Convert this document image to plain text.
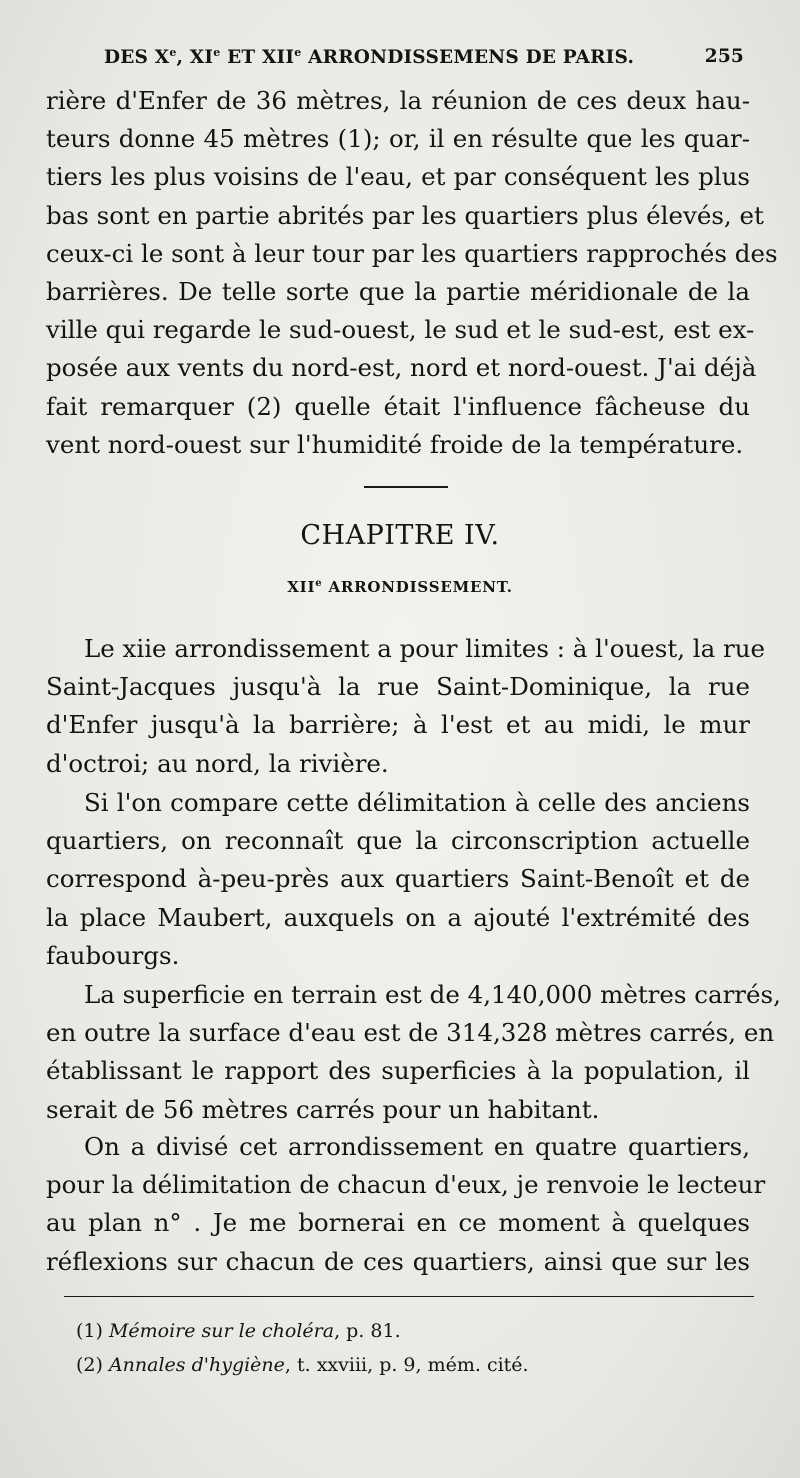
DES Xe, XIe ET XIIe ARRONDISSEMENS DE PARIS.	255
rière d'Enfer de 36 mètres, la réunion de ces deux hau-
teurs donne 45 mètres (1); or, il en résulte que les quar-
tiers les plus voisins de l'eau, et par conséquent les plus
bas sont en partie abrités par les quartiers plus élevés, et
ceux-ci le sont à leur tour par les quartiers rapprochés des
barrières. De telle sorte que la partie méridionale de la
ville qui regarde le sud-ouest, le sud et le sud-est, est ex-
posée aux vents du nord-est, nord et nord-ouest. J'ai déjà
fait remarquer (2) quelle était l'influence fâcheuse du
vent nord-ouest sur l'humidité froide de la température.
CHAPITRE IV.
XIIe ARRONDISSEMENT.
Le xiie arrondissement a pour limites : à l'ouest, la rue
Saint-Jacques jusqu'à la rue Saint-Dominique, la rue
d'Enfer jusqu'à la barrière; à l'est et au midi, le mur
d'octroi; au nord, la rivière.
Si l'on compare cette délimitation à celle des anciens
quartiers, on reconnaît que la circonscription actuelle
correspond à-peu-près aux quartiers Saint-Benoît et de
la place Maubert, auxquels on a ajouté l'extrémité des
faubourgs.
La superficie en terrain est de 4,140,000 mètres carrés,
en outre la surface d'eau est de 314,328 mètres carrés, en
établissant le rapport des superficies à la population, il
serait de 56 mètres carrés pour un habitant.
On a divisé cet arrondissement en quatre quartiers,
pour la délimitation de chacun d'eux, je renvoie le lecteur
au plan n° . Je me bornerai en ce moment à quelques
réflexions sur chacun de ces quartiers, ainsi que sur les
(1) Mémoire sur le choléra, p. 81.
(2) Annales d'hygiène, t. xxviii, p. 9, mém. cité.
